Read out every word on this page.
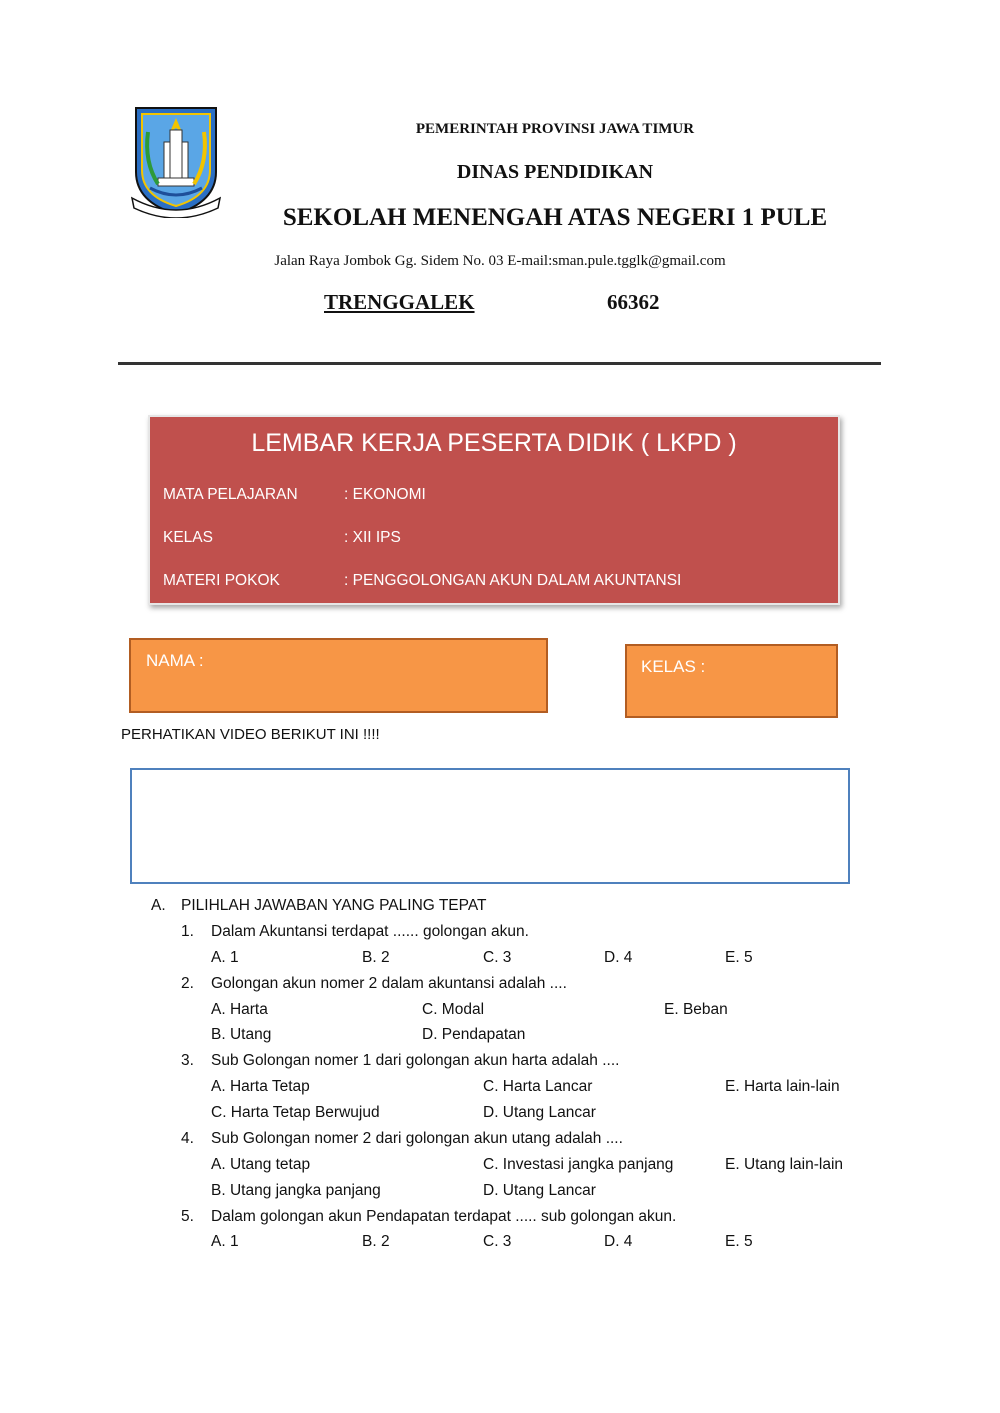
PEMERINTAH PROVINSI JAWA TIMUR
DINAS PENDIDIKAN
SEKOLAH MENENGAH ATAS NEGERI 1 PULE
Jalan Raya Jombok Gg. Sidem No. 03 E-mail:sman.pule.tgglk@gmail.com
TRENGGALEK	66362
LEMBAR KERJA PESERTA DIDIK ( LKPD )
MATA PELAJARAN	: EKONOMI
KELAS	: XII IPS
MATERI POKOK	: PENGGOLONGAN AKUN DALAM AKUNTANSI
NAMA :	KELAS :
PERHATIKAN VIDEO BERIKUT INI !!!!
A. PILIHLAH JAWABAN YANG PALING TEPAT
1. Dalam Akuntansi terdapat ...... golongan akun.
A. 1	B. 2	C. 3	D. 4	E. 5
2. Golongan akun nomer 2 dalam akuntansi adalah ....
A. Harta	C. Modal	E. Beban
B. Utang	D. Pendapatan
3. Sub Golongan nomer 1 dari golongan akun harta adalah ....
A. Harta Tetap	C. Harta Lancar	E. Harta lain-lain
C. Harta Tetap Berwujud	D. Utang Lancar
4. Sub Golongan nomer 2 dari golongan akun utang adalah ....
A. Utang tetap	C. Investasi jangka panjang	E. Utang lain-lain
B. Utang jangka panjang	D. Utang Lancar
5. Dalam golongan akun Pendapatan terdapat ..... sub golongan akun.
A. 1	B. 2	C. 3	D. 4	E. 5
